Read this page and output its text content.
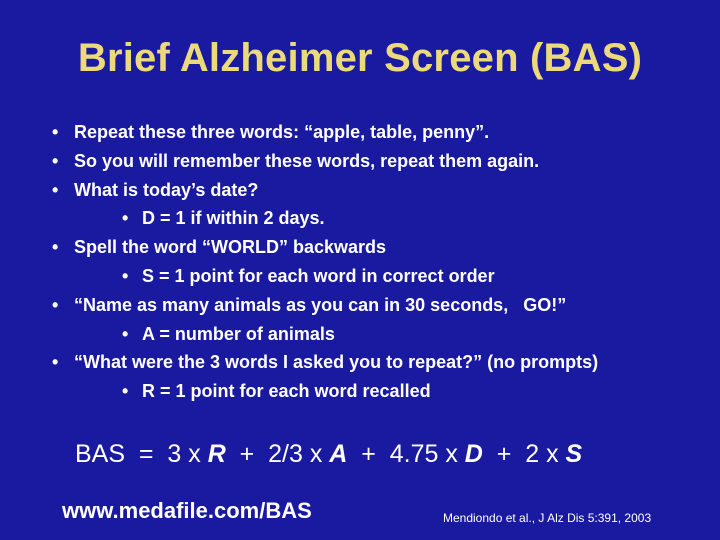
Brief Alzheimer Screen (BAS)
• Repeat these three words: “apple, table, penny”.
• So you will remember these words, repeat them again.
• What is today’s date?
• D = 1 if within 2 days.
• Spell the word “WORLD” backwards
• S = 1 point for each word in correct order
• “Name as many animals as you can in 30 seconds,   GO!”
• A = number of animals
• “What were the 3 words I asked you to repeat?” (no prompts)
• R = 1 point for each word recalled
BAS  =  3 x R  +  2/3 x A  +  4.75 x D  +  2 x S
www.medafile.com/BAS	Mendiondo et al., J Alz Dis 5:391, 2003
